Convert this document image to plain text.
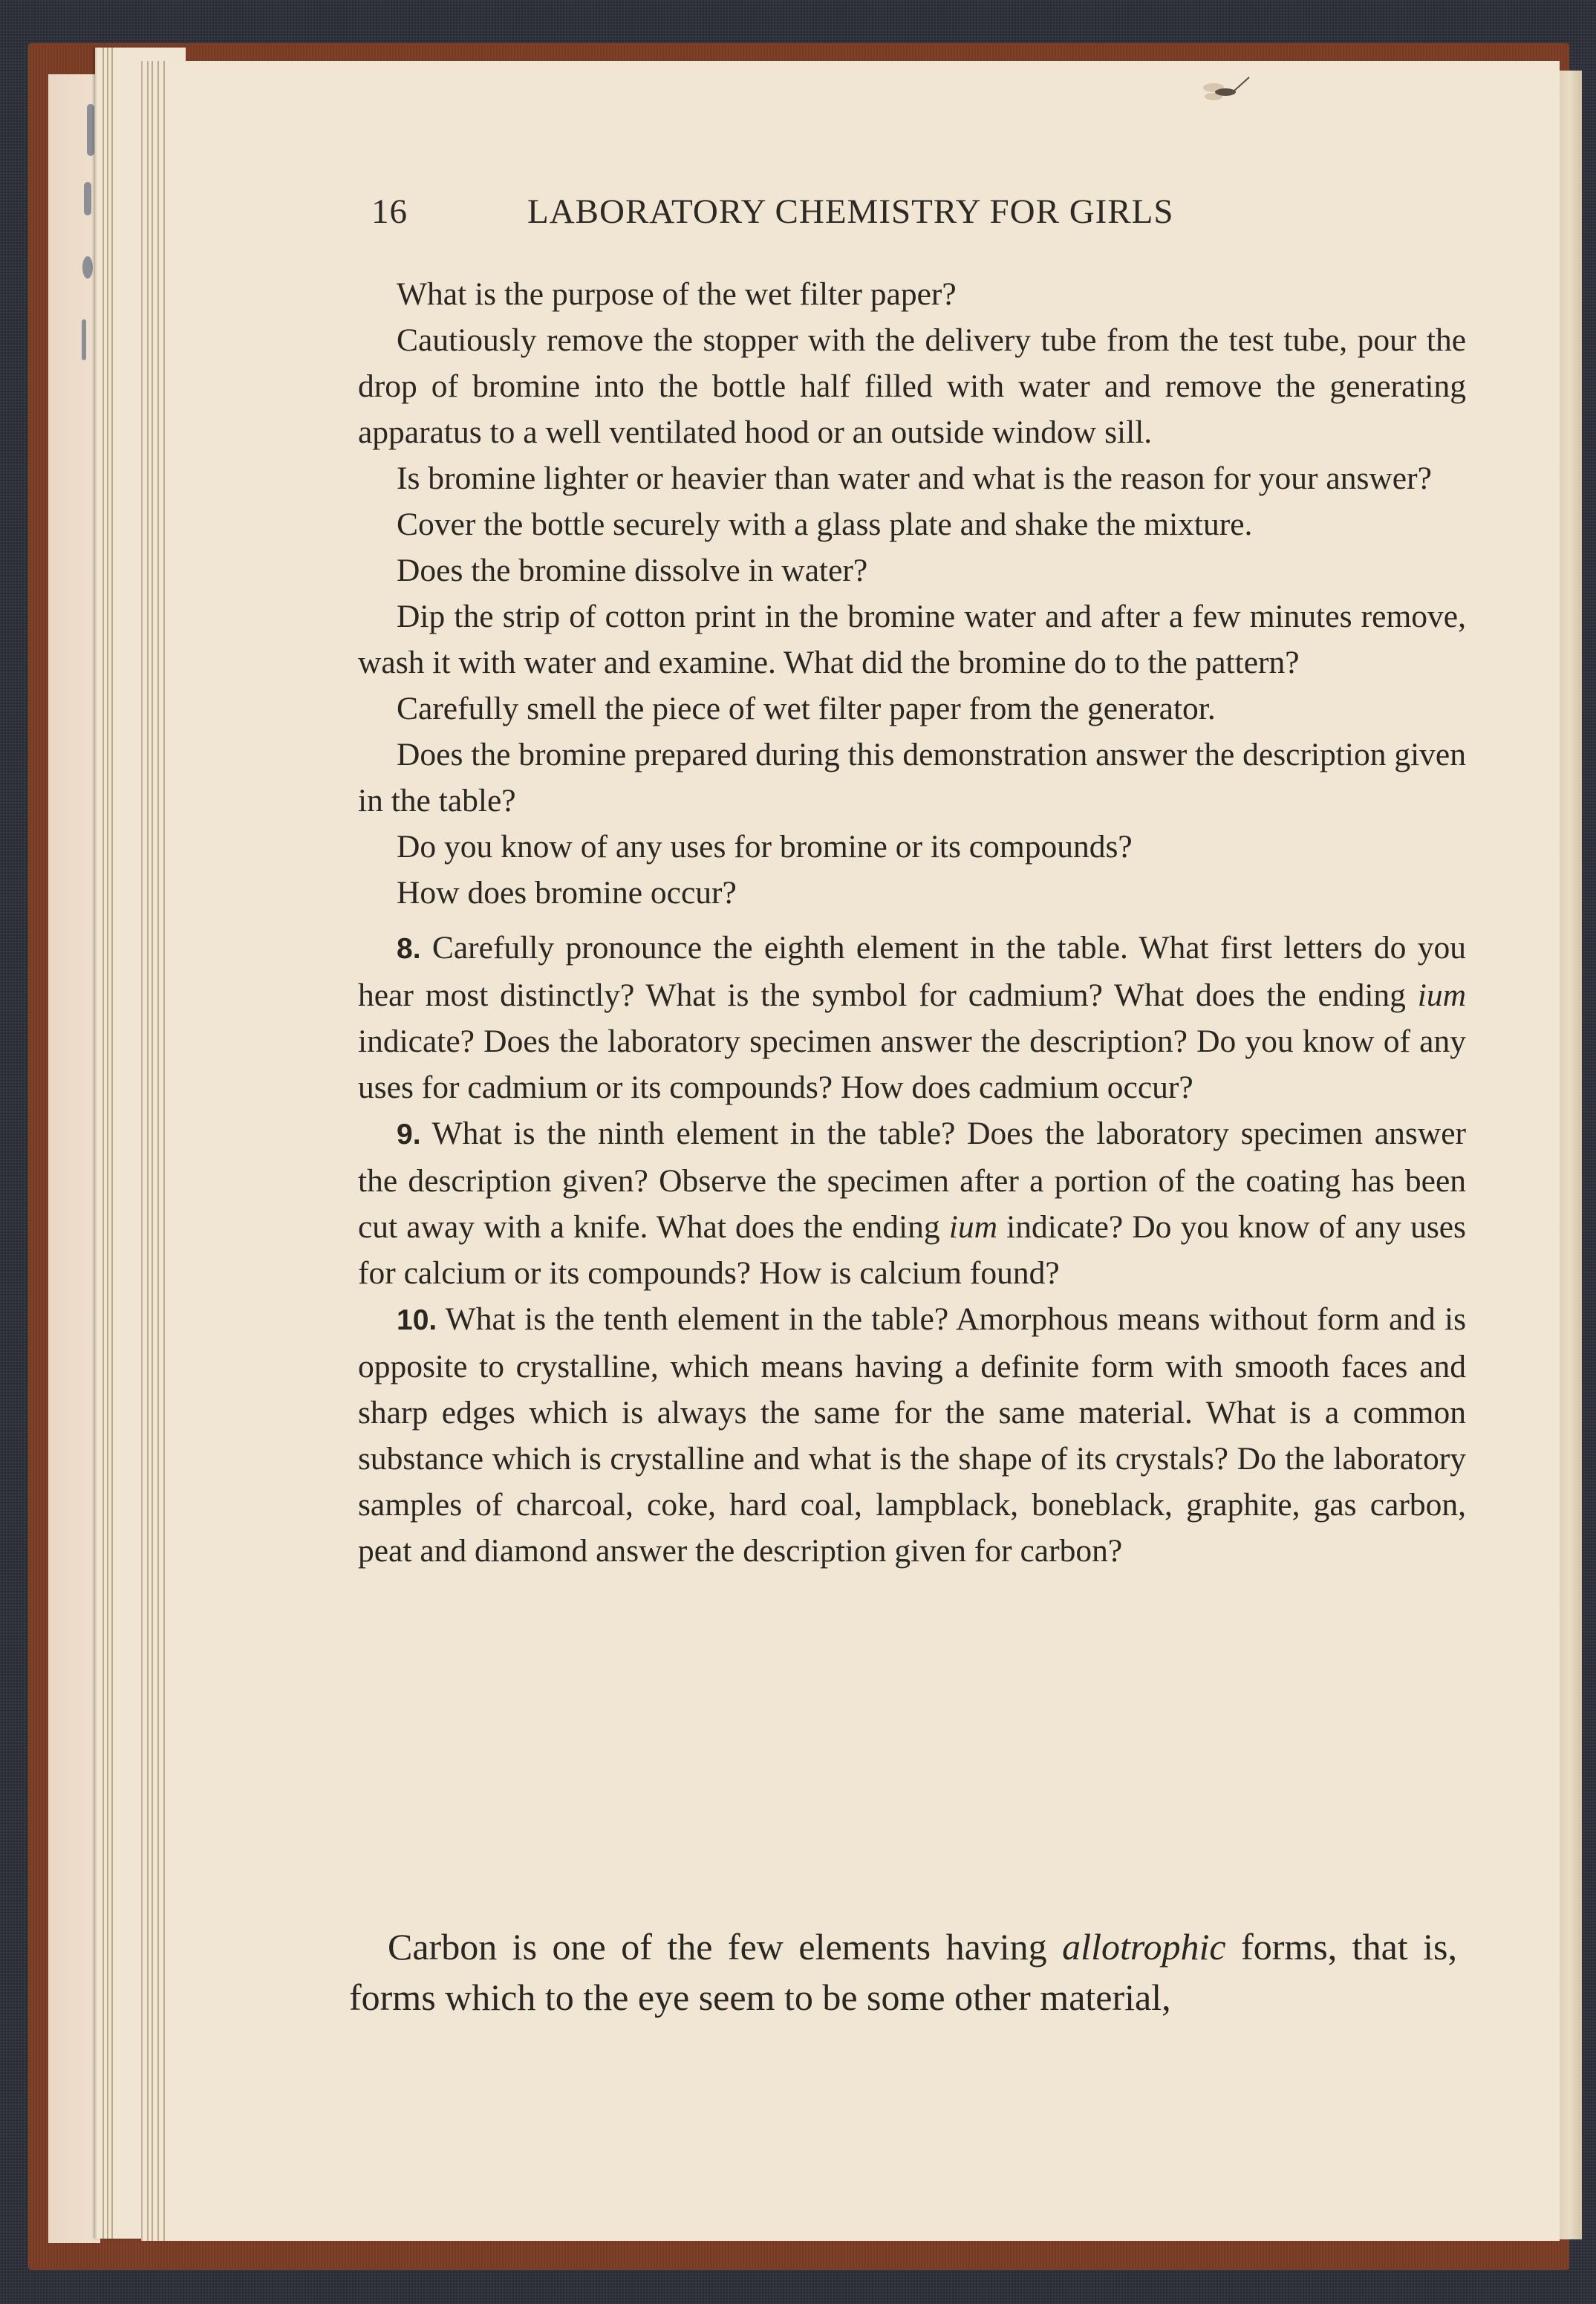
16	LABORATORY CHEMISTRY FOR GIRLS

What is the purpose of the wet filter paper?

Cautiously remove the stopper with the delivery tube from the test tube, pour the drop of bromine into the bottle half filled with water and remove the generating apparatus to a well ventilated hood or an outside window sill.

Is bromine lighter or heavier than water and what is the reason for your answer?

Cover the bottle securely with a glass plate and shake the mixture.

Does the bromine dissolve in water?

Dip the strip of cotton print in the bromine water and after a few minutes remove, wash it with water and examine. What did the bromine do to the pattern?

Carefully smell the piece of wet filter paper from the generator.

Does the bromine prepared during this demonstration answer the description given in the table?

Do you know of any uses for bromine or its compounds?

How does bromine occur?

8. Carefully pronounce the eighth element in the table. What first letters do you hear most distinctly? What is the symbol for cadmium? What does the ending ium indicate? Does the laboratory specimen answer the description? Do you know of any uses for cadmium or its compounds? How does cadmium occur?

9. What is the ninth element in the table? Does the laboratory specimen answer the description given? Observe the specimen after a portion of the coating has been cut away with a knife. What does the ending ium indicate? Do you know of any uses for calcium or its compounds? How is calcium found?

10. What is the tenth element in the table? Amorphous means without form and is opposite to crystalline, which means having a definite form with smooth faces and sharp edges which is always the same for the same material. What is a common substance which is crystalline and what is the shape of its crystals? Do the laboratory samples of charcoal, coke, hard coal, lampblack, boneblack, graphite, gas carbon, peat and diamond answer the description given for carbon?

Carbon is one of the few elements having allotrophic forms, that is, forms which to the eye seem to be some other material,
